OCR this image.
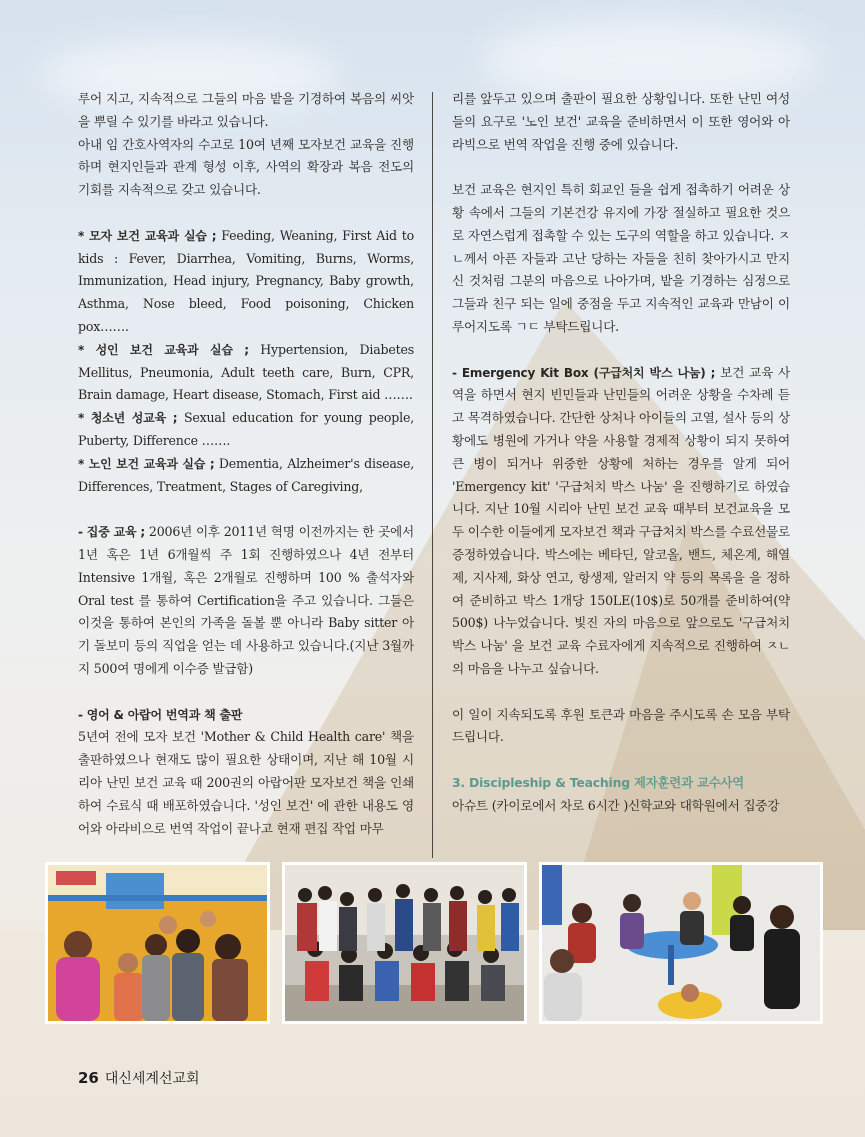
루어 지고, 지속적으로 그들의 마음 밭을 기경하여 복음의 씨앗을 뿌릴 수 있기를 바라고 있습니다.

아내 임 간호사역자의 수고로 10여 년째 모자보건 교육을 진행하며 현지인들과 관계 형성 이후, 사역의 확장과 복음 전도의 기회를 지속적으로 갖고 있습니다.

* 모자 보건 교육과 실습 ; Feeding, Weaning, First Aid to kids : Fever, Diarrhea, Vomiting, Burns, Worms, Immunization, Head injury, Pregnancy, Baby growth, Asthma, Nose bleed, Food poisoning, Chicken pox…….

* 성인 보건 교육과 실습 ; Hypertension, Diabetes Mellitus, Pneumonia, Adult teeth care, Burn, CPR, Brain damage, Heart disease, Stomach, First aid …….

* 청소년 성교육 ; Sexual education for young people, Puberty, Difference …….

* 노인 보건 교육과 실습 ; Dementia, Alzheimer's disease, Differences, Treatment, Stages of Caregiving,

- 집중 교육 ; 2006년 이후 2011년 혁명 이전까지는 한 곳에서 1년 혹은 1년 6개월씩 주 1회 진행하였으나 4년 전부터 Intensive 1개월, 혹은 2개월로 진행하며 100 % 출석자와 Oral test 를 통하여 Certification을 주고 있습니다. 그들은 이것을 통하여 본인의 가족을 돌볼 뿐 아니라 Baby sitter 아기 돌보미 등의 직업을 얻는 데 사용하고 있습니다.(지난 3월까지 500여 명에게 이수증 발급함)

- 영어 & 아랍어 번역과 책 출판

5년여 전에 모자 보건 'Mother & Child Health care' 책을 출판하였으나 현재도 많이 필요한 상태이며, 지난 해 10월 시리아 난민 보건 교육 때 200권의 아랍어판 모자보건 책을 인쇄하여 수료식 때 배포하였습니다. '성인 보건' 에 관한 내용도 영어와 아라비으로 번역 작업이 끝나고 현재 편집 작업 마무

리를 앞두고 있으며 출판이 필요한 상황입니다. 또한 난민 여성들의 요구로 '노인 보건' 교육을 준비하면서 이 또한 영어와 아라빅으로 번역 작업을 진행 중에 있습니다.

보건 교육은 현지인 특히 회교인 들을 쉽게 접촉하기 어려운 상황 속에서 그들의 기본건강 유지에 가장 절실하고 필요한 것으로 자연스럽게 접촉할 수 있는 도구의 역할을 하고 있습니다. ㅈㄴ께서 아픈 자들과 고난 당하는 자들을 친히 찾아가시고 만지신 것처럼 그분의 마음으로 나아가며, 밭을 기경하는 심정으로 그들과 친구 되는 일에 중점을 두고 지속적인 교육과 만남이 이루어지도록 ㄱㄷ 부탁드립니다.

- Emergency Kit Box (구급처치 박스 나눔) ; 보건 교육 사역을 하면서 현지 빈민들과 난민들의 어려운 상황을 수차례 듣고 목격하였습니다. 간단한 상처나 아이들의 고열, 설사 등의 상황에도 병원에 가거나 약을 사용할 경제적 상황이 되지 못하여 큰 병이 되거나 위중한 상황에 처하는 경우를 알게 되어 'Emergency kit' '구급처치 박스 나눔' 을 진행하기로 하였습니다. 지난 10월 시리아 난민 보건 교육 때부터 보건교육을 모두 이수한 이들에게 모자보건 책과 구급처치 박스를 수료선물로 증정하였습니다. 박스에는 베타딘, 알코올, 밴드, 체온계, 해열제, 지사제, 화상 연고, 항생제, 알러지 약 등의 목록을 을 정하여 준비하고 박스 1개당 150LE(10$)로 50개를 준비하여(약 500$) 나누었습니다. 빛진 자의 마음으로 앞으로도 '구급처치 박스 나눔' 을 보건 교육 수료자에게 지속적으로 진행하여 ㅈㄴ의 마음을 나누고 싶습니다.

이 일이 지속되도록 후원 토큰과 마음을 주시도록 손 모음 부탁드립니다.

3. Discipleship & Teaching 제자훈련과 교수사역

아슈트 (카이로에서 차로 6시간 )신학교와 대학원에서 집중강

26 대신세계선교회
